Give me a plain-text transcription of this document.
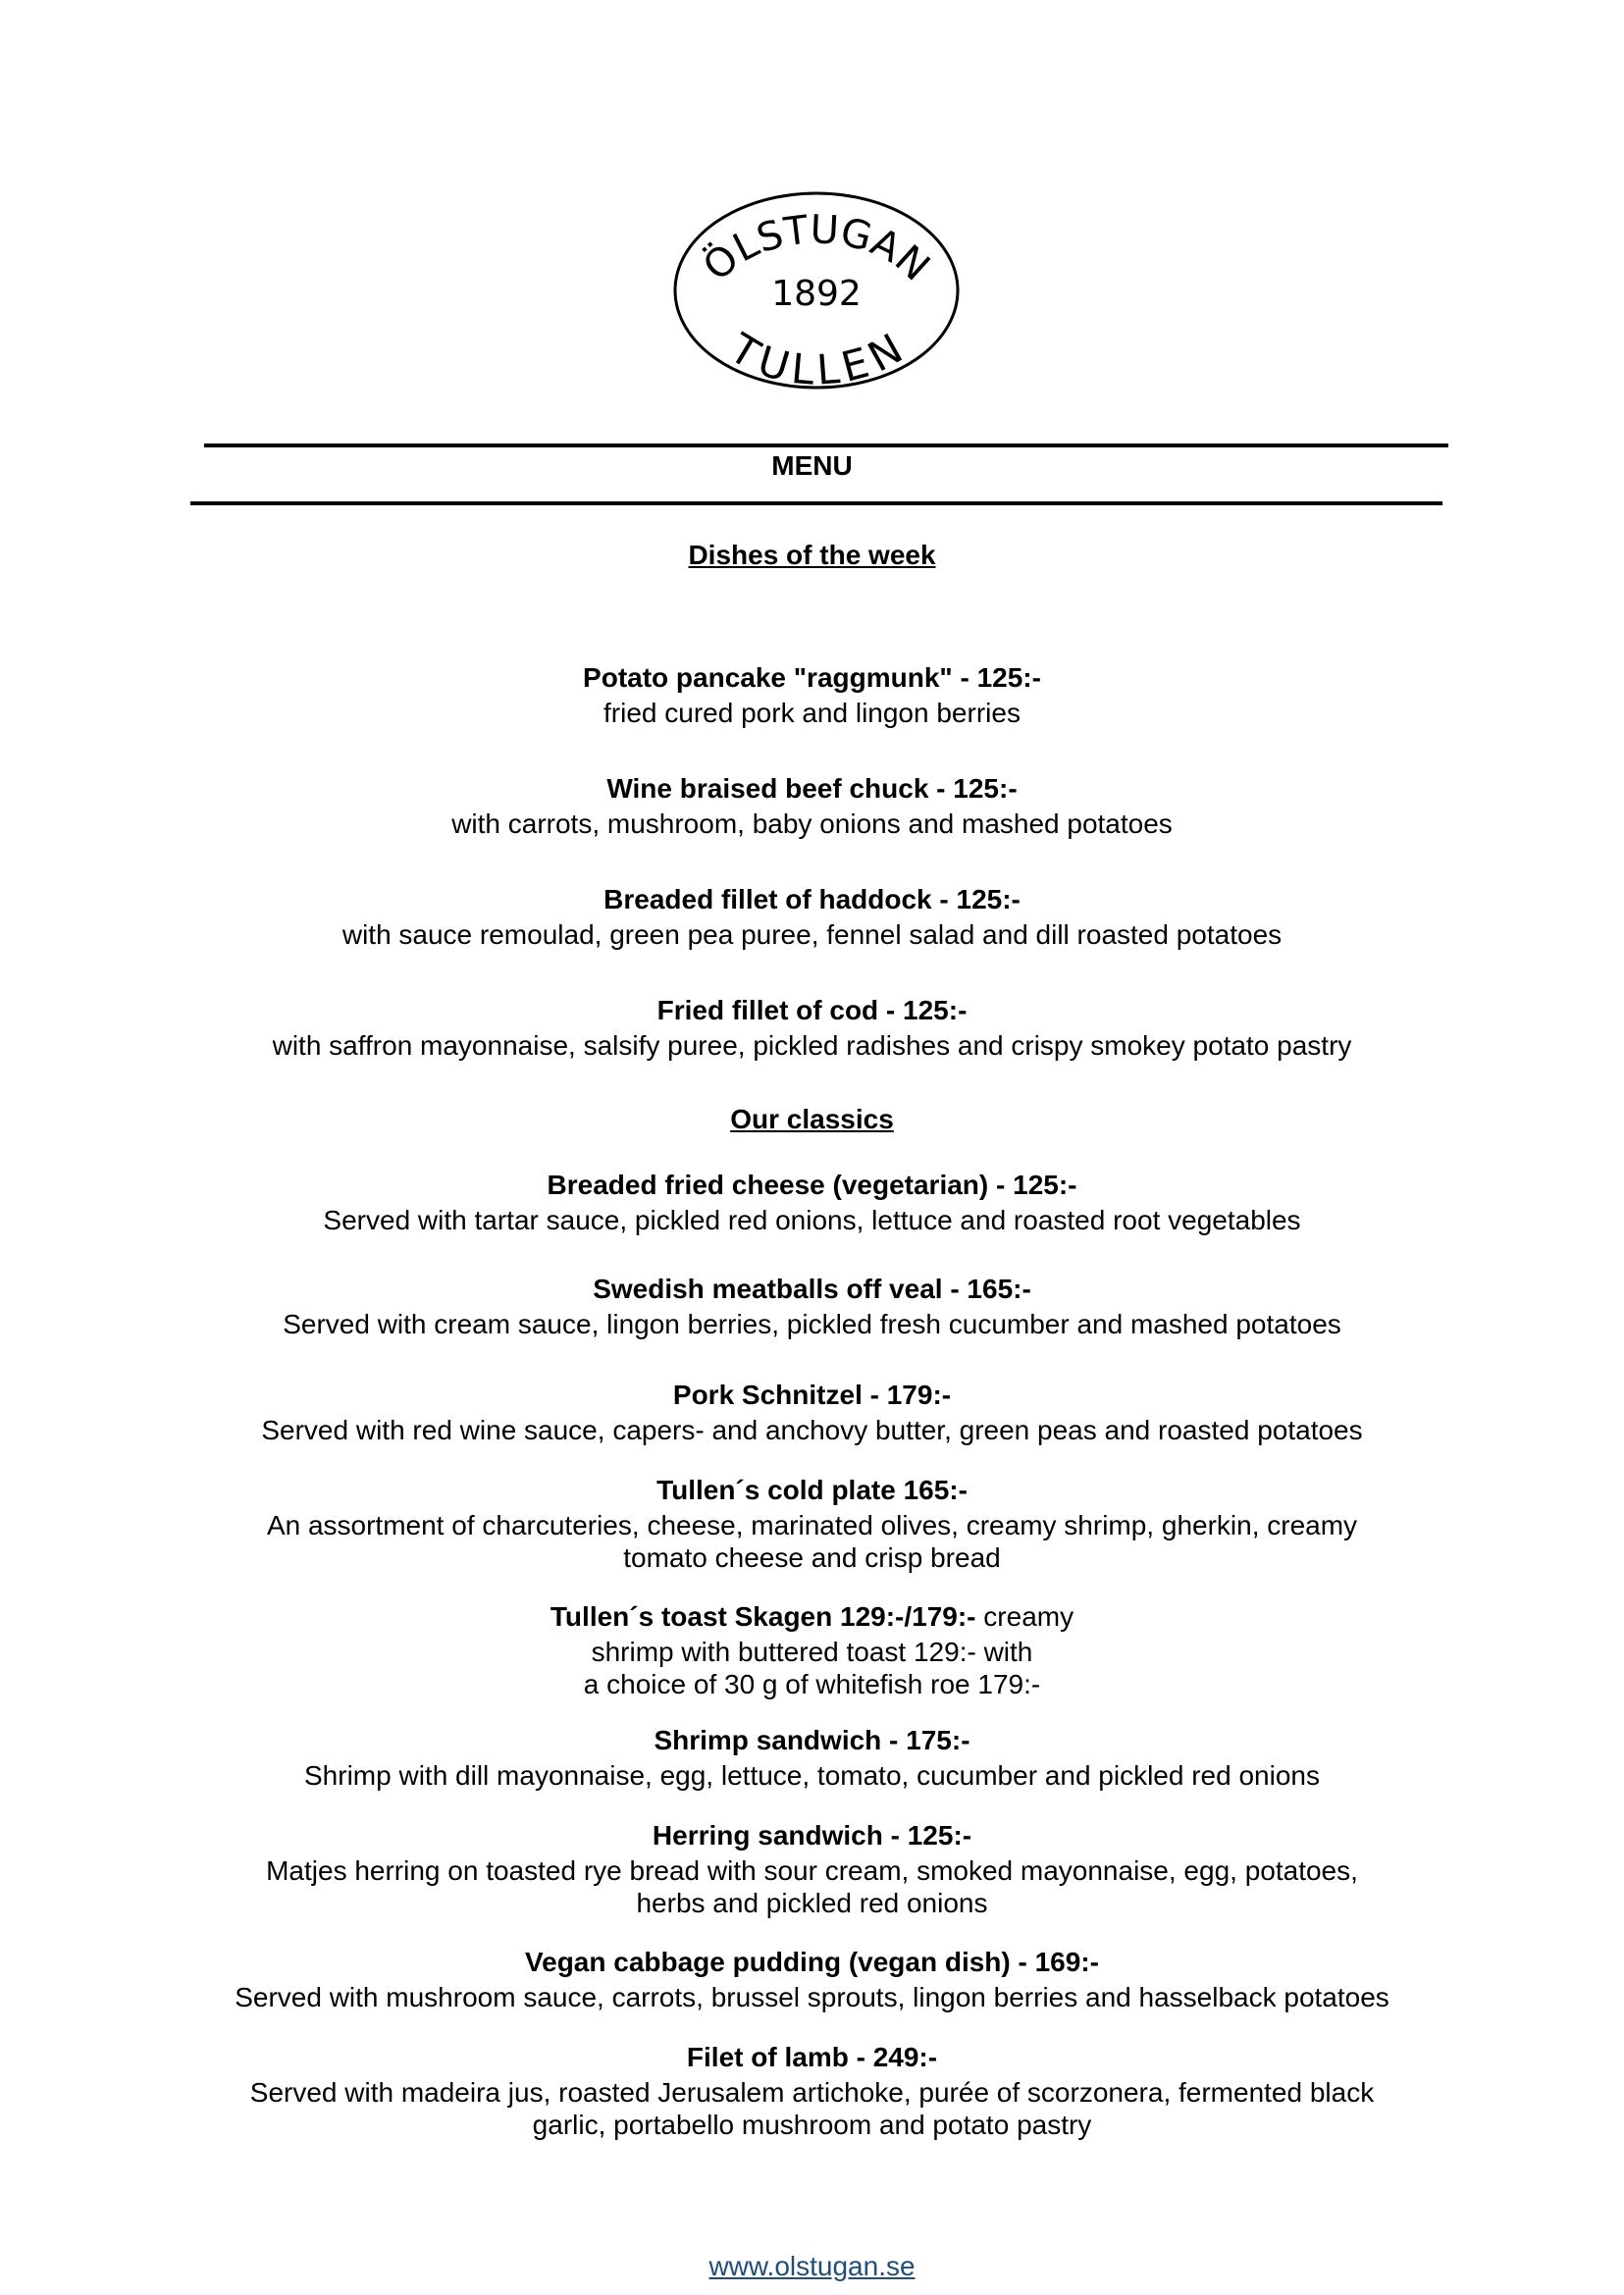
ÖLSTUGAN
1892
TULLEN
MENU
Dishes of the week
Potato pancake "raggmunk" - 125:-
fried cured pork and lingon berries
Wine braised beef chuck - 125:-
with carrots, mushroom, baby onions and mashed potatoes
Breaded fillet of haddock - 125:-
with sauce remoulad, green pea puree, fennel salad and dill roasted potatoes
Fried fillet of cod - 125:-
with saffron mayonnaise, salsify puree, pickled radishes and crispy smokey potato pastry
Our classics
Breaded fried cheese (vegetarian) - 125:-
Served with tartar sauce, pickled red onions, lettuce and roasted root vegetables
Swedish meatballs off veal - 165:-
Served with cream sauce, lingon berries, pickled fresh cucumber and mashed potatoes
Pork Schnitzel - 179:-
Served with red wine sauce, capers- and anchovy butter, green peas and roasted potatoes
Tullen´s cold plate 165:-
An assortment of charcuteries, cheese, marinated olives, creamy shrimp, gherkin, creamy
tomato cheese and crisp bread
Tullen´s toast Skagen 129:-/179:- creamy
shrimp with buttered toast 129:- with
a choice of 30 g of whitefish roe 179:-
Shrimp sandwich - 175:-
Shrimp with dill mayonnaise, egg, lettuce, tomato, cucumber and pickled red onions
Herring sandwich - 125:-
Matjes herring on toasted rye bread with sour cream, smoked mayonnaise, egg, potatoes,
herbs and pickled red onions
Vegan cabbage pudding (vegan dish) - 169:-
Served with mushroom sauce, carrots, brussel sprouts, lingon berries and hasselback potatoes
Filet of lamb - 249:-
Served with madeira jus, roasted Jerusalem artichoke, purée of scorzonera, fermented black
garlic, portabello mushroom and potato pastry
www.olstugan.se
